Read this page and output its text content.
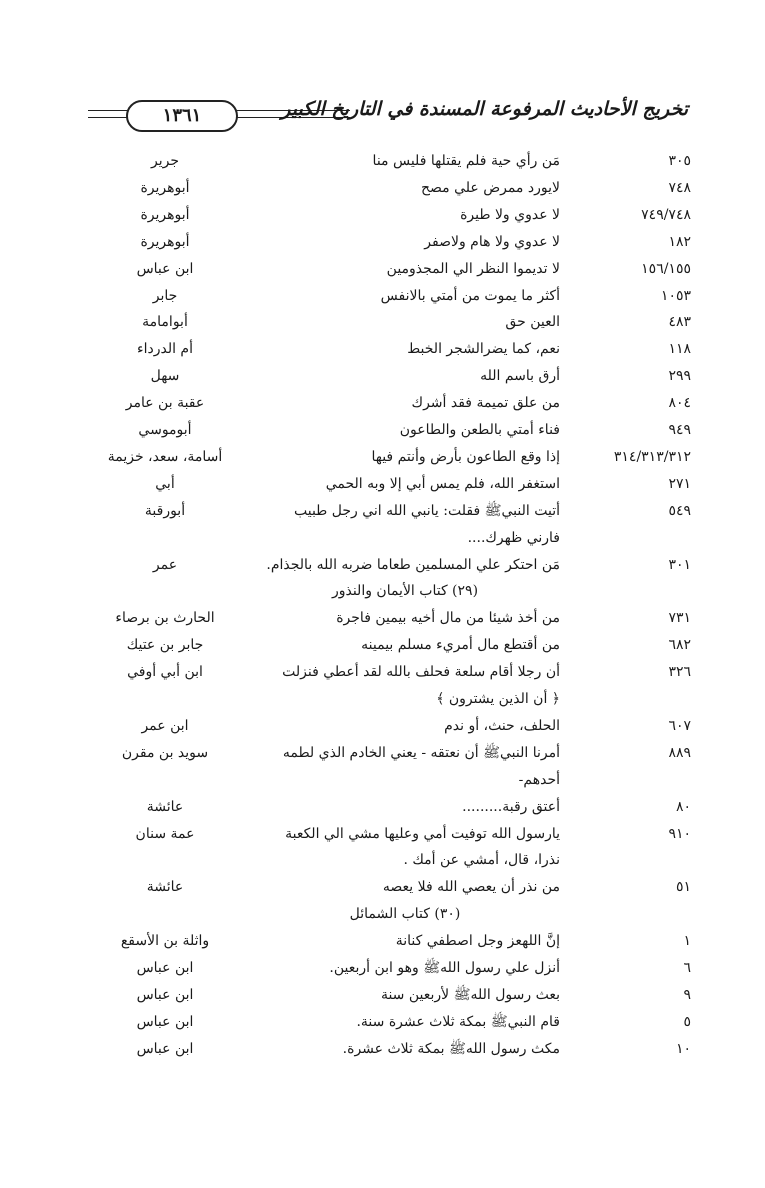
١٣٦١	تخريج الأحاديث المرفوعة المسندة في التاريخ الكبير
٣٠٥
مَن رأي حية فلم يقتلها فليس منا
جرير
٧٤٨
لايورد ممرض علي مصح
أبوهريرة
٧٤٩/٧٤٨
لا عدوي ولا طيرة
أبوهريرة
١٨٢
لا عدوي ولا هام ولاصفر
أبوهريرة
١٥٦/١٥٥
لا تديموا النظر الي المجذومين
ابن عباس
١٠٥٣
أكثر ما يموت من أمتي بالانفس
جابر
٤٨٣
العين حق
أبوامامة
١١٨
نعم، كما يضرالشجر الخبط
أم الدرداء
٢٩٩
أرق باسم الله
سهل
٨٠٤
من علق تميمة فقد أشرك
عقبة بن عامر
٩٤٩
فناء أمتي بالطعن والطاعون
أبوموسي
٣١٤/٣١٣/٣١٢
إذا وقع الطاعون بأرض وأنتم فيها
أسامة، سعد، خزيمة
٢٧١
استغفر الله، فلم يمس أبي إلا وبه الحمي
أبي
٥٤٩
أتيت النبيﷺ فقلت: يانبي الله اني رجل طبيب
أبورقبة
فارني ظهرك....
٣٠١
مَن احتكر علي المسلمين طعاما ضربه الله بالجذام.
عمر
(٢٩) كتاب الأيمان والنذور
٧٣١
من أخذ شيئا من مال أخيه بيمين فاجرة
الحارث بن برصاء
٦٨٢
من أقتطع مال أمريء مسلم بيمينه
جابر بن عتيك
٣٢٦
أن رجلا أقام سلعة فحلف بالله لقد أعطي فنزلت
ابن أبي أوفي
﴿ أن الذين يشترون ﴾
٦٠٧
الحلف، حنث، أو ندم
ابن عمر
٨٨٩
أمرنا النبيﷺ أن نعتقه - يعني الخادم الذي لطمه
سويد بن مقرن
أحدهم-
٨٠
أعتق رقبة.........
عائشة
٩١٠
يارسول الله توفيت أمي وعليها مشي الي الكعبة
عمة سنان
نذرا، قال، أمشي عن أمك .
٥١
من نذر أن يعصي الله فلا يعصه
عائشة
(٣٠) كتاب الشمائل
١
إنَّ اللهعز وجل اصطفي كنانة
واثلة بن الأسقع
٦
أنزل علي رسول اللهﷺ وهو ابن أربعين.
ابن عباس
٩
بعث رسول اللهﷺ لأربعين سنة
ابن عباس
٥
قام النبيﷺ بمكة ثلاث عشرة سنة.
ابن عباس
١٠
مكث رسول اللهﷺ بمكة ثلاث عشرة.
ابن عباس
